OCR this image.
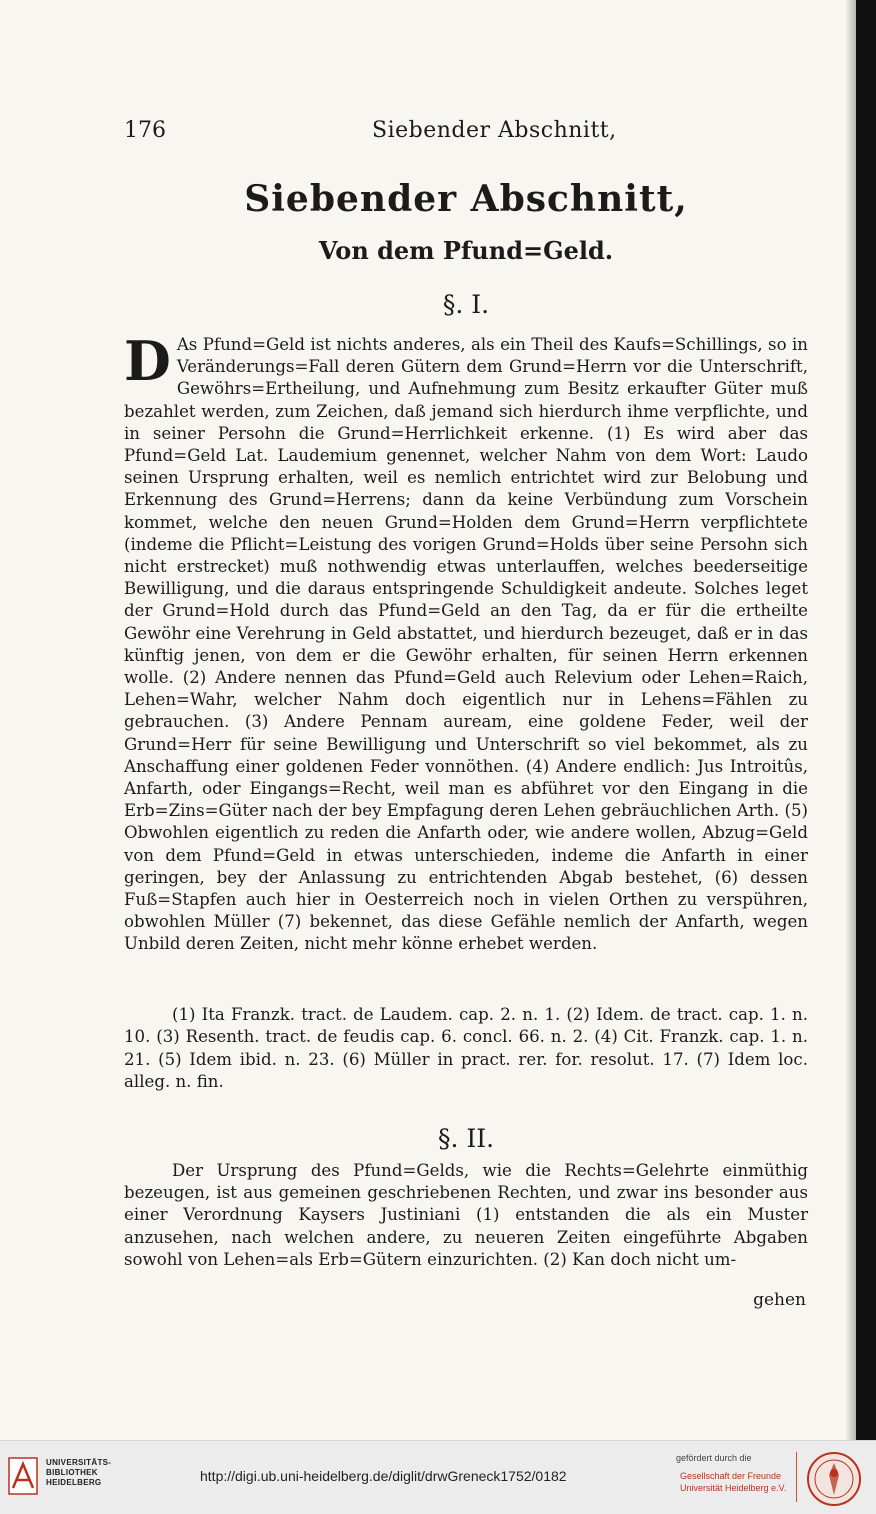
176	Siebender Abschnitt,
Siebender Abschnitt,
Von dem Pfund=Geld.
§. I.
D As Pfund=Geld ist nichts anderes, als ein Theil des Kaufs=Schillings, so in Veränderungs=Fall deren Gütern dem Grund=Herrn vor die Unterschrift, Gewöhrs=Ertheilung, und Aufnehmung zum Besitz erkaufter Güter muß bezahlet werden, zum Zeichen, daß jemand sich hierdurch ihme verpflichte, und in seiner Persohn die Grund=Herrlichkeit erkenne. (1) Es wird aber das Pfund=Geld Lat. Laudemium genennet, welcher Nahm von dem Wort: Laudo seinen Ursprung erhalten, weil es nemlich entrichtet wird zur Belobung und Erkennung des Grund=Herrens; dann da keine Verbündung zum Vorschein kommet, welche den neuen Grund=Holden dem Grund=Herrn verpflichtete (indeme die Pflicht=Leistung des vorigen Grund=Holds über seine Persohn sich nicht erstrecket) muß nothwendig etwas unterlauffen, welches beederseitige Bewilligung, und die daraus entspringende Schuldigkeit andeute. Solches leget der Grund=Hold durch das Pfund=Geld an den Tag, da er für die ertheilte Gewöhr eine Verehrung in Geld abstattet, und hierdurch bezeuget, daß er in das künftig jenen, von dem er die Gewöhr erhalten, für seinen Herrn erkennen wolle. (2) Andere nennen das Pfund=Geld auch Relevium oder Lehen=Raich, Lehen=Wahr, welcher Nahm doch eigentlich nur in Lehens=Fählen zu gebrauchen. (3) Andere Pennam auream, eine goldene Feder, weil der Grund=Herr für seine Bewilligung und Unterschrift so viel bekommet, als zu Anschaffung einer goldenen Feder vonnöthen. (4) Andere endlich: Jus Introitûs, Anfarth, oder Eingangs=Recht, weil man es abführet vor den Eingang in die Erb=Zins=Güter nach der bey Empfagung deren Lehen gebräuchlichen Arth. (5) Obwohlen eigentlich zu reden die Anfarth oder, wie andere wollen, Abzug=Geld von dem Pfund=Geld in etwas unterschieden, indeme die Anfarth in einer geringen, bey der Anlassung zu entrichtenden Abgab bestehet, (6) dessen Fuß=Stapfen auch hier in Oesterreich noch in vielen Orthen zu verspühren, obwohlen Müller (7) bekennet, das diese Gefähle nemlich der Anfarth, wegen Unbild deren Zeiten, nicht mehr könne erhebet werden.
(1) Ita Franzk. tract. de Laudem. cap. 2. n. 1. (2) Idem. de tract. cap. 1. n. 10. (3) Resenth. tract. de feudis cap. 6. concl. 66. n. 2. (4) Cit. Franzk. cap. 1. n. 21. (5) Idem ibid. n. 23. (6) Müller in pract. rer. for. resolut. 17. (7) Idem loc. alleg. n. fin.
§. II.
Der Ursprung des Pfund=Gelds, wie die Rechts=Gelehrte einmüthig bezeugen, ist aus gemeinen geschriebenen Rechten, und zwar ins besonder aus einer Verordnung Kaysers Justiniani (1) entstanden die als ein Muster anzusehen, nach welchen andere, zu neueren Zeiten eingeführte Abgaben sowohl von Lehen=als Erb=Gütern einzurichten. (2) Kan doch nicht um-
gehen
UNIVERSITÄTS-
BIBLIOTHEK
HEIDELBERG	http://digi.ub.uni-heidelberg.de/diglit/drwGreneck1752/0182
gefördert durch die
Gesellschaft der Freunde
Universität Heidelberg e.V.
